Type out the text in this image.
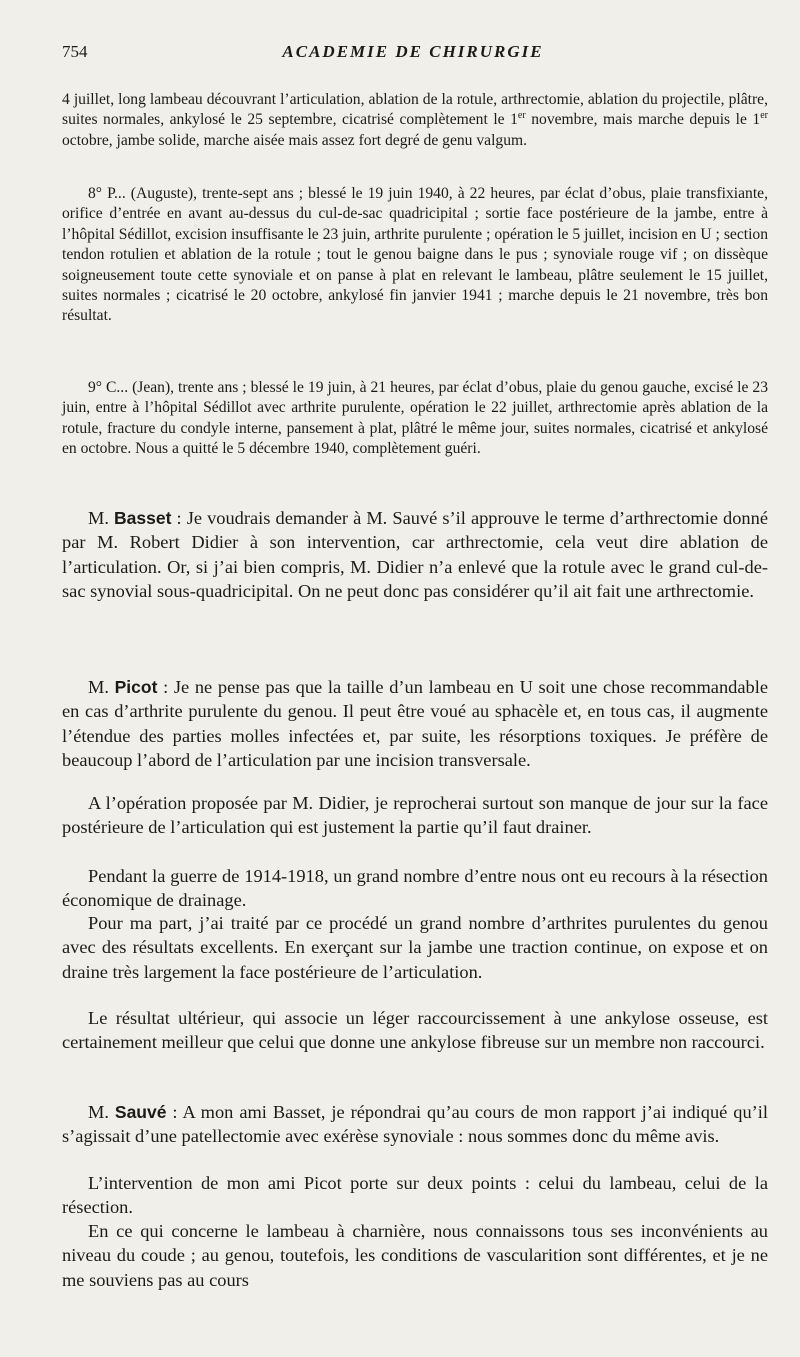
754	ACADEMIE DE CHIRURGIE

4 juillet, long lambeau découvrant l’articulation, ablation de la rotule, arthrectomie, ablation du projectile, plâtre, suites normales, ankylosé le 25 septembre, cicatrisé complètement le 1er novembre, mais marche depuis le 1er octobre, jambe solide, marche aisée mais assez fort degré de genu valgum.

8° P... (Auguste), trente-sept ans ; blessé le 19 juin 1940, à 22 heures, par éclat d’obus, plaie transfixiante, orifice d’entrée en avant au-dessus du cul-de-sac quadricipital ; sortie face postérieure de la jambe, entre à l’hôpital Sédillot, excision insuffisante le 23 juin, arthrite purulente ; opération le 5 juillet, incision en U ; section tendon rotulien et ablation de la rotule ; tout le genou baigne dans le pus ; synoviale rouge vif ; on dissèque soigneusement toute cette synoviale et on panse à plat en relevant le lambeau, plâtre seulement le 15 juillet, suites normales ; cicatrisé le 20 octobre, ankylosé fin janvier 1941 ; marche depuis le 21 novembre, très bon résultat.

9° C... (Jean), trente ans ; blessé le 19 juin, à 21 heures, par éclat d’obus, plaie du genou gauche, excisé le 23 juin, entre à l’hôpital Sédillot avec arthrite purulente, opération le 22 juillet, arthrectomie après ablation de la rotule, fracture du condyle interne, pansement à plat, plâtré le même jour, suites normales, cicatrisé et ankylosé en octobre. Nous a quitté le 5 décembre 1940, complètement guéri.

M. Basset : Je voudrais demander à M. Sauvé s’il approuve le terme d’arthrectomie donné par M. Robert Didier à son intervention, car arthrectomie, cela veut dire ablation de l’articulation. Or, si j’ai bien compris, M. Didier n’a enlevé que la rotule avec le grand cul-de-sac synovial sous-quadricipital. On ne peut donc pas considérer qu’il ait fait une arthrectomie.

M. Picot : Je ne pense pas que la taille d’un lambeau en U soit une chose recommandable en cas d’arthrite purulente du genou. Il peut être voué au sphacèle et, en tous cas, il augmente l’étendue des parties molles infectées et, par suite, les résorptions toxiques. Je préfère de beaucoup l’abord de l’articulation par une incision transversale.

A l’opération proposée par M. Didier, je reprocherai surtout son manque de jour sur la face postérieure de l’articulation qui est justement la partie qu’il faut drainer.

Pendant la guerre de 1914-1918, un grand nombre d’entre nous ont eu recours à la résection économique de drainage.

Pour ma part, j’ai traité par ce procédé un grand nombre d’arthrites purulentes du genou avec des résultats excellents. En exerçant sur la jambe une traction continue, on expose et on draine très largement la face postérieure de l’articulation.

Le résultat ultérieur, qui associe un léger raccourcissement à une ankylose osseuse, est certainement meilleur que celui que donne une ankylose fibreuse sur un membre non raccourci.

M. Sauvé : A mon ami Basset, je répondrai qu’au cours de mon rapport j’ai indiqué qu’il s’agissait d’une patellectomie avec exérèse synoviale : nous sommes donc du même avis.

L’intervention de mon ami Picot porte sur deux points : celui du lambeau, celui de la résection.

En ce qui concerne le lambeau à charnière, nous connaissons tous ses inconvénients au niveau du coude ; au genou, toutefois, les conditions de vascularition sont différentes, et je ne me souviens pas au cours
